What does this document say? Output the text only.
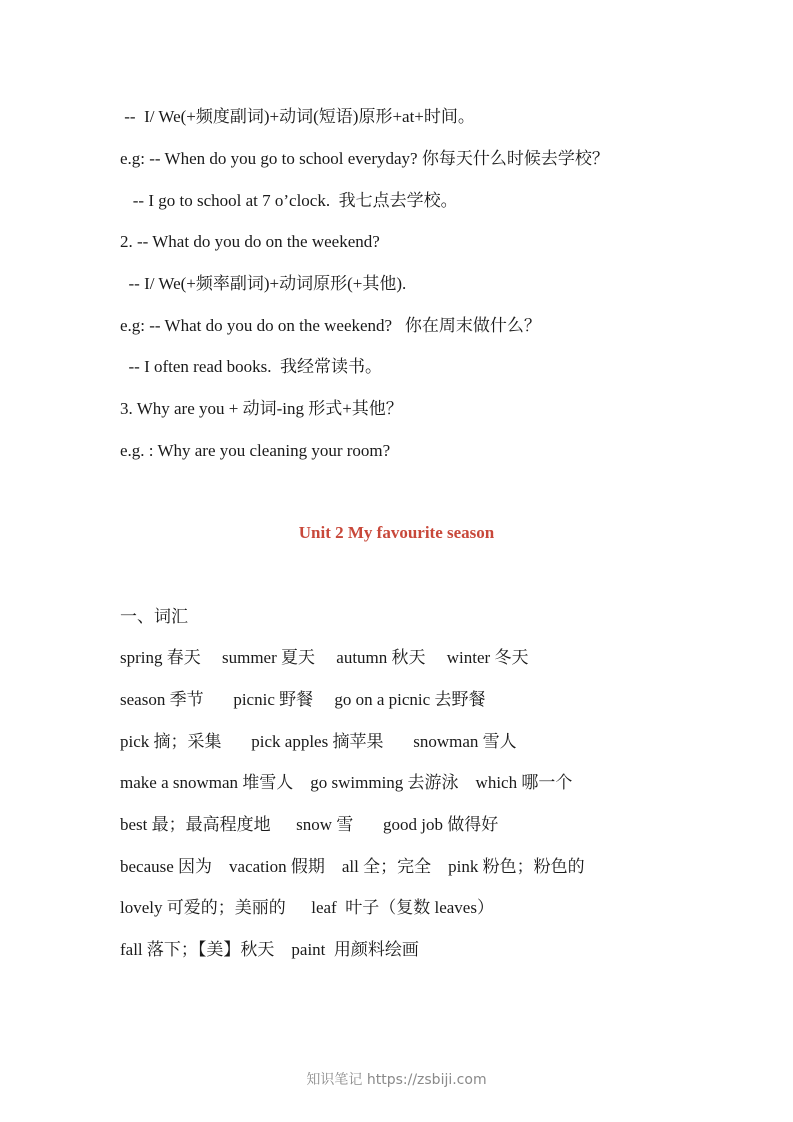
--  I/ We(+频度副词)+动词(短语)原形+at+时间。
e.g: -- When do you go to school everyday? 你每天什么时候去学校？
-- I go to school at 7 o’clock.  我七点去学校。
2. -- What do you do on the weekend?
-- I/ We(+频率副词)+动词原形(+其他).
e.g: -- What do you do on the weekend?   你在周末做什么？
-- I often read books.  我经常读书。
3. Why are you + 动词-ing 形式+其他？
e.g. : Why are you cleaning your room?
Unit 2 My favourite season
一、词汇
spring 春天     summer 夏天     autumn 秋天     winter 冬天
season 季节       picnic 野餐     go on a picnic 去野餐
pick 摘；采集       pick apples 摘苹果       snowman 雪人
make a snowman 堆雪人    go swimming 去游泳    which 哪一个
best 最；最高程度地      snow 雪       good job 做得好
because 因为    vacation 假期    all 全；完全    pink 粉色；粉色的
lovely 可爱的；美丽的      leaf  叶子（复数 leaves）
fall 落下；【美】秋天    paint  用颜料绘画
知识笔记 https://zsbiji.com
